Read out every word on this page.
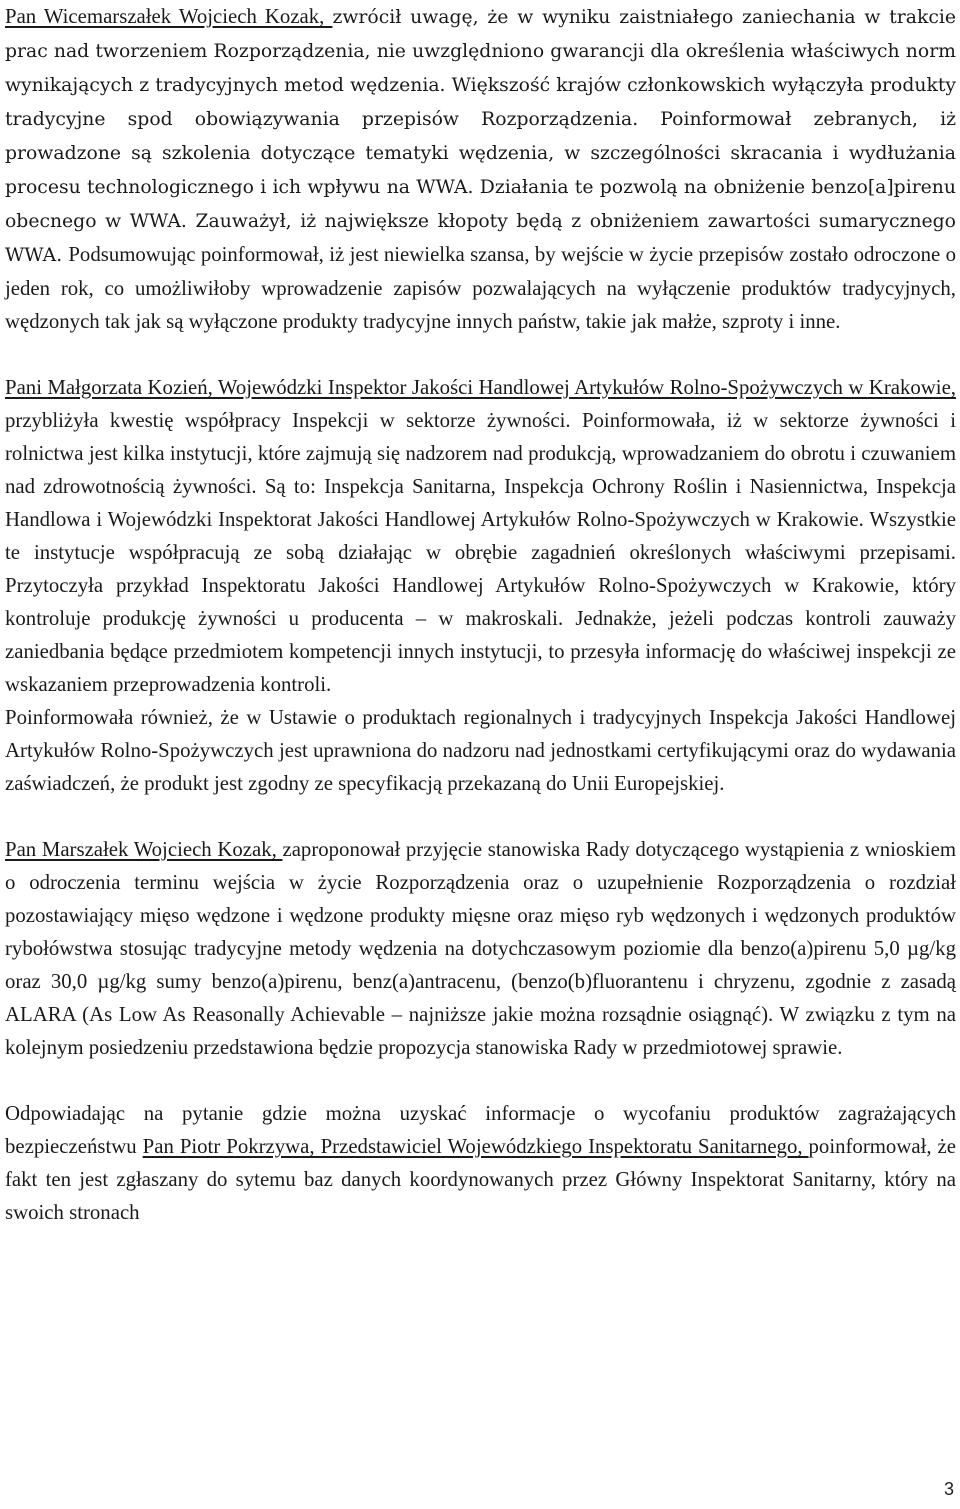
Pan Wicemarszałek Wojciech Kozak, zwrócił uwagę, że w wyniku zaistniałego zaniechania w trakcie prac nad tworzeniem Rozporządzenia, nie uwzględniono gwarancji dla określenia właściwych norm wynikających z tradycyjnych metod wędzenia. Większość krajów członkowskich wyłączyła produkty tradycyjne spod obowiązywania przepisów Rozporządzenia. Poinformował zebranych, iż prowadzone są szkolenia dotyczące tematyki wędzenia, w szczególności skracania i wydłużania procesu technologicznego i ich wpływu na WWA. Działania te pozwolą na obniżenie benzo[a]pirenu obecnego w WWA. Zauważył, iż największe kłopoty będą z obniżeniem zawartości sumarycznego WWA. Podsumowując poinformował, iż jest niewielka szansa, by wejście w życie przepisów zostało odroczone o jeden rok, co umożliwiłoby wprowadzenie zapisów pozwalających na wyłączenie produktów tradycyjnych, wędzonych tak jak są wyłączone produkty tradycyjne innych państw, takie jak małże, szproty i inne.

Pani Małgorzata Kozień, Wojewódzki Inspektor Jakości Handlowej Artykułów Rolno-Spożywczych w Krakowie, przybliżyła kwestię współpracy Inspekcji w sektorze żywności. Poinformowała, iż w sektorze żywności i rolnictwa jest kilka instytucji, które zajmują się nadzorem nad produkcją, wprowadzaniem do obrotu i czuwaniem nad zdrowotnością żywności. Są to: Inspekcja Sanitarna, Inspekcja Ochrony Roślin i Nasiennictwa, Inspekcja Handlowa i Wojewódzki Inspektorat Jakości Handlowej Artykułów Rolno-Spożywczych w Krakowie. Wszystkie te instytucje współpracują ze sobą działając w obrębie zagadnień określonych właściwymi przepisami. Przytoczyła przykład Inspektoratu Jakości Handlowej Artykułów Rolno-Spożywczych w Krakowie, który kontroluje produkcję żywności u producenta – w makroskali. Jednakże, jeżeli podczas kontroli zauważy zaniedbania będące przedmiotem kompetencji innych instytucji, to przesyła informację do właściwej inspekcji ze wskazaniem przeprowadzenia kontroli.

Poinformowała również, że w Ustawie o produktach regionalnych i tradycyjnych Inspekcja Jakości Handlowej Artykułów Rolno-Spożywczych jest uprawniona do nadzoru nad jednostkami certyfikującymi oraz do wydawania zaświadczeń, że produkt jest zgodny ze specyfikacją przekazaną do Unii Europejskiej.

Pan Marszałek Wojciech Kozak, zaproponował przyjęcie stanowiska Rady dotyczącego wystąpienia z wnioskiem o odroczenia terminu wejścia w życie Rozporządzenia oraz o uzupełnienie Rozporządzenia o rozdział pozostawiający mięso wędzone i wędzone produkty mięsne oraz mięso ryb wędzonych i wędzonych produktów rybołówstwa stosując tradycyjne metody wędzenia na dotychczasowym poziomie dla benzo(a)pirenu 5,0 µg/kg oraz 30,0 µg/kg sumy benzo(a)pirenu, benz(a)antracenu, (benzo(b)fluorantenu i chryzenu, zgodnie z zasadą ALARA (As Low As Reasonally Achievable – najniższe jakie można rozsądnie osiągnąć). W związku z tym na kolejnym posiedzeniu przedstawiona będzie propozycja stanowiska Rady w przedmiotowej sprawie.

Odpowiadając na pytanie gdzie można uzyskać informacje o wycofaniu produktów zagrażających bezpieczeństwu Pan Piotr Pokrzywa, Przedstawiciel Wojewódzkiego Inspektoratu Sanitarnego, poinformował, że fakt ten jest zgłaszany do sytemu baz danych koordynowanych przez Główny Inspektorat Sanitarny, który na swoich stronach

3
